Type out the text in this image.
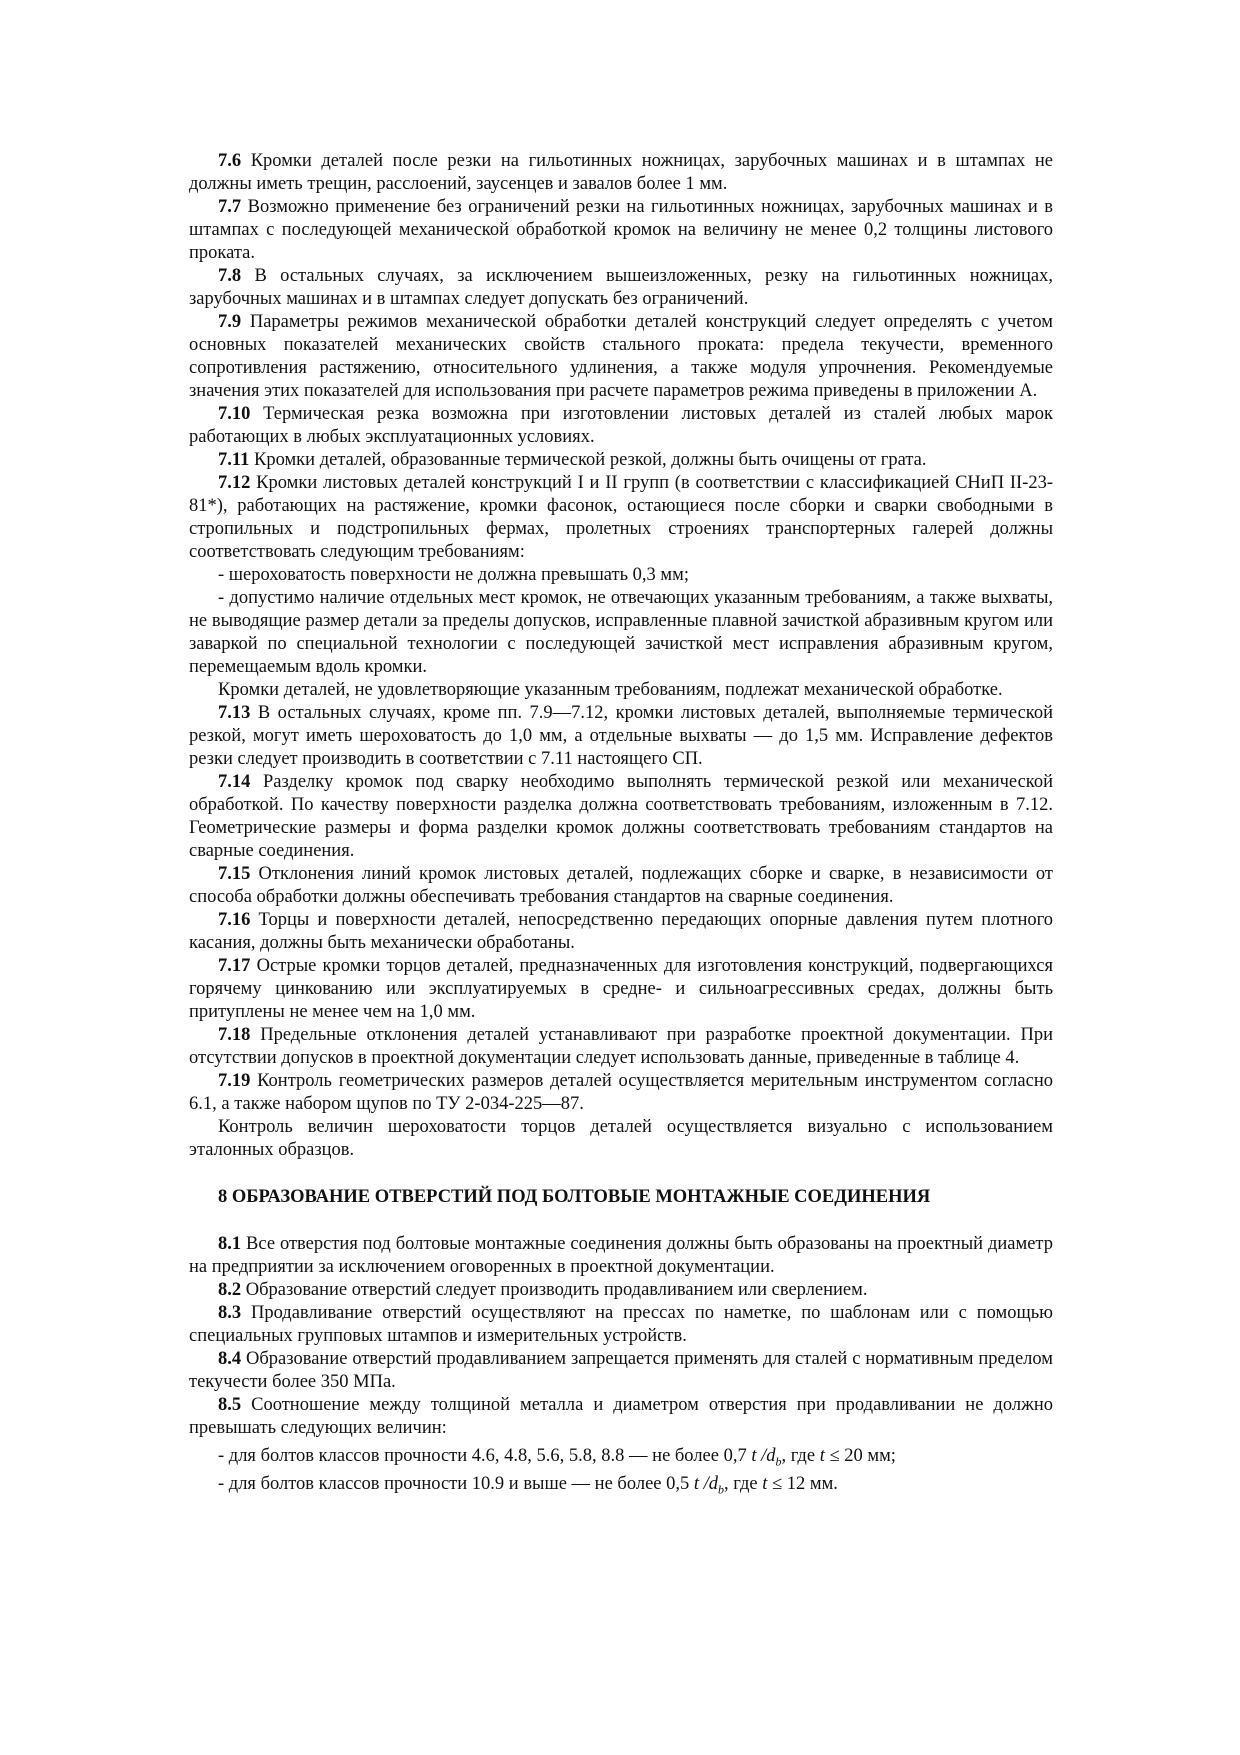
7.6 Кромки деталей после резки на гильотинных ножницах, зарубочных машинах и в штампах не должны иметь трещин, расслоений, заусенцев и завалов более 1 мм.

7.7 Возможно применение без ограничений резки на гильотинных ножницах, зарубочных машинах и в штампах с последующей механической обработкой кромок на величину не менее 0,2 толщины листового проката.

7.8 В остальных случаях, за исключением вышеизложенных, резку на гильотинных ножницах, зарубочных машинах и в штампах следует допускать без ограничений.

7.9 Параметры режимов механической обработки деталей конструкций следует определять с учетом основных показателей механических свойств стального проката: предела текучести, временного сопротивления растяжению, относительного удлинения, а также модуля упрочнения. Рекомендуемые значения этих показателей для использования при расчете параметров режима приведены в приложении А.

7.10 Термическая резка возможна при изготовлении листовых деталей из сталей любых марок работающих в любых эксплуатационных условиях.

7.11 Кромки деталей, образованные термической резкой, должны быть очищены от грата.

7.12 Кромки листовых деталей конструкций I и II групп (в соответствии с классификацией СНиП II-23-81*), работающих на растяжение, кромки фасонок, остающиеся после сборки и сварки свободными в стропильных и подстропильных фермах, пролетных строениях транспортерных галерей должны соответствовать следующим требованиям:

- шероховатость поверхности не должна превышать 0,3 мм;

- допустимо наличие отдельных мест кромок, не отвечающих указанным требованиям, а также выхваты, не выводящие размер детали за пределы допусков, исправленные плавной зачисткой абразивным кругом или заваркой по специальной технологии с последующей зачисткой мест исправления абразивным кругом, перемещаемым вдоль кромки.

Кромки деталей, не удовлетворяющие указанным требованиям, подлежат механической обработке.

7.13 В остальных случаях, кроме пп. 7.9—7.12, кромки листовых деталей, выполняемые термической резкой, могут иметь шероховатость до 1,0 мм, а отдельные выхваты — до 1,5 мм. Исправление дефектов резки следует производить в соответствии с 7.11 настоящего СП.

7.14 Разделку кромок под сварку необходимо выполнять термической резкой или механической обработкой. По качеству поверхности разделка должна соответствовать требованиям, изложенным в 7.12. Геометрические размеры и форма разделки кромок должны соответствовать требованиям стандартов на сварные соединения.

7.15 Отклонения линий кромок листовых деталей, подлежащих сборке и сварке, в независимости от способа обработки должны обеспечивать требования стандартов на сварные соединения.

7.16 Торцы и поверхности деталей, непосредственно передающих опорные давления путем плотного касания, должны быть механически обработаны.

7.17 Острые кромки торцов деталей, предназначенных для изготовления конструкций, подвергающихся горячему цинкованию или эксплуатируемых в средне- и сильноагрессивных средах, должны быть притуплены не менее чем на 1,0 мм.

7.18 Предельные отклонения деталей устанавливают при разработке проектной документации. При отсутствии допусков в проектной документации следует использовать данные, приведенные в таблице 4.

7.19 Контроль геометрических размеров деталей осуществляется мерительным инструментом согласно 6.1, а также набором щупов по ТУ 2-034-225—87.

Контроль величин шероховатости торцов деталей осуществляется визуально с использованием эталонных образцов.

8 ОБРАЗОВАНИЕ ОТВЕРСТИЙ ПОД БОЛТОВЫЕ МОНТАЖНЫЕ СОЕДИНЕНИЯ

8.1 Все отверстия под болтовые монтажные соединения должны быть образованы на проектный диаметр на предприятии за исключением оговоренных в проектной документации.

8.2 Образование отверстий следует производить продавливанием или сверлением.

8.3 Продавливание отверстий осуществляют на прессах по наметке, по шаблонам или с помощью специальных групповых штампов и измерительных устройств.

8.4 Образование отверстий продавливанием запрещается применять для сталей с нормативным пределом текучести более 350 МПа.

8.5 Соотношение между толщиной металла и диаметром отверстия при продавливании не должно превышать следующих величин:

- для болтов классов прочности 4.6, 4.8, 5.6, 5.8, 8.8 — не более 0,7 t $/d_b$, где t ≤ 20 мм;

- для болтов классов прочности 10.9 и выше — не более 0,5 t $/d_b$, где t ≤ 12 мм.
